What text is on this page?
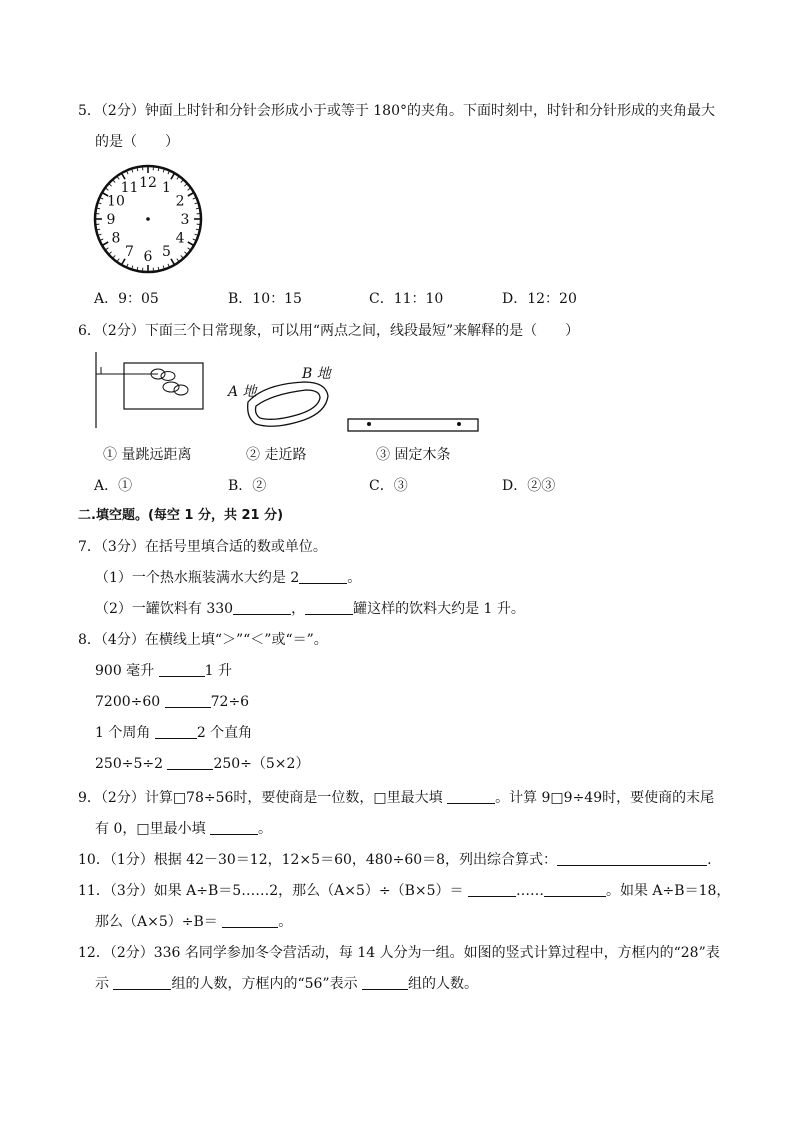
5．（2分）钟面上时针和分针会形成小于或等于 180°的夹角。下面时刻中，时针和分针形成的夹角最大
的是（　　）
12 1
2
3
4
5
6
7
8
9
10
11
A．9：05	B．10：15	C．11：10	D．12：20
6．（2分）下面三个日常现象，可以用“两点之间，线段最短”来解释的是（　　）
A 地
B 地
① 量跳远距离	② 走近路	③ 固定木条
A．①	B．②	C．③	D．②③
二.填空题。(每空 1 分，共 21 分)
7．（3分）在括号里填合适的数或单位。
（1）一个热水瓶装满水大约是 2	。
（2）一罐饮料有 330	，	罐这样的饮料大约是 1 升。
8．（4分）在横线上填“＞”“＜”或“＝”。
900 毫升	1 升
7200÷60	72÷6
1 个周角	2 个直角
250÷5÷2	250÷（5×2）
9．（2分）计算□78÷56时，要使商是一位数，□里最大填	。计算 9□9÷49时，要使商的末尾
有 0，□里最小填	。
10．（1分）根据 42－30＝12，12×5＝60，480÷60＝8，列出综合算式：	.
11．（3分）如果 A÷B＝5……2，那么（A×5）÷（B×5）＝	……	。如果 A÷B＝18，
那么（A×5）÷B＝	。
12．（2分）336 名同学参加冬令营活动，每 14 人分为一组。如图的竖式计算过程中，方框内的“28”表
示	组的人数，方框内的“56”表示	组的人数。
